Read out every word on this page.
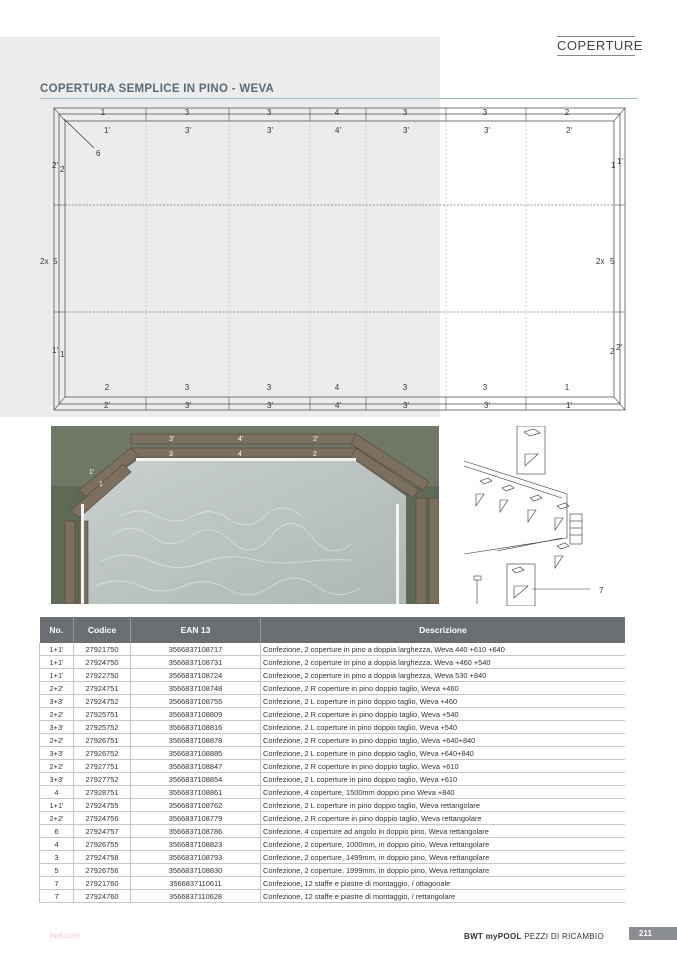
COPERTURE
COPERTURA SEMPLICE IN PINO - WEVA
1	3	3	4	3	3	2
1'	3'	3'	4'	3'	3'	2'
2	3	3	4	3	3	1
2'	3'	3'	4'	3'	3'	1'
2' 2
2x 5
1' 1
1 1'
2x 5
2 2'
6
3'	4'	2'
3	4	2
1'
1
7
No.	Codice	EAN 13	Descrizione
1+1'	27921750	3566837108717	Confezione, 2 coperture in pino a doppia larghezza, Weva 440 +610 +640
1+1'	27924750	3566837108731	Confezione, 2 coperture in pino a doppia larghezza, Weva +460 +540
1+1'	27922750	3566837108724	Confezione, 2 coperture in pino a doppia larghezza, Weva 530 +840
2+2'	27924751	3566837108748	Confezione, 2 R coperture in pino doppio taglio, Weva +460
3+3'	27924752	3566837108755	Confezione, 2 L coperture in pino doppio taglio, Weva +460
2+2'	27925751	3566837108809	Confezione, 2 R coperture in pino doppio taglio, Weva +540
3+3'	27925752	3566837108816	Confezione, 2 L coperture in pino doppio taglio, Weva +540
2+2'	27926751	3566837108878	Confezione, 2 R coperture in pino doppio taglio, Weva +640+840
3+3'	27926752	3566837108885	Confezione, 2 L coperture in pino doppio taglio, Weva +640+840
2+2'	27927751	3566837108847	Confezione, 2 R coperture in pino doppio taglio, Weva +610
3+3'	27927752	3566837108854	Confezione, 2 L coperture in pino doppio taglio, Weva +610
4	27928751	3566837108861	Confezione, 4 coperture, 1500mm doppio pino Weva +840
1+1'	27924755	3566837108762	Confezione, 2 L coperture in pino doppio taglio, Weva rettangolare
2+2'	27924756	3566837108779	Confezione, 2 R coperture in pino doppio taglio, Weva rettangolare
6	27924757	3566837108786	Confezione, 4 coperture ad angolo in doppio pino, Weva rettangolare
4	27926755	3566837108823	Confezione, 2 coperture, 1000mm, in doppio pino, Weva rettangolare
3	27924758	3566837108793	Confezione, 2 coperture, 1499mm, in doppio pino, Weva rettangolare
5	27926756	3566837108830	Confezione, 2 coperture, 1999mm, in doppio pino, Weva rettangolare
7	27921760	3566837110611	Confezione, 12 staffe e piastre di montaggio, / ottagonale
7	27924760	3566837110628	Confezione, 12 staffe e piastre di montaggio, / rettangolare
bwt.com	BWT myPOOL PEZZI DI RICAMBIO	211
